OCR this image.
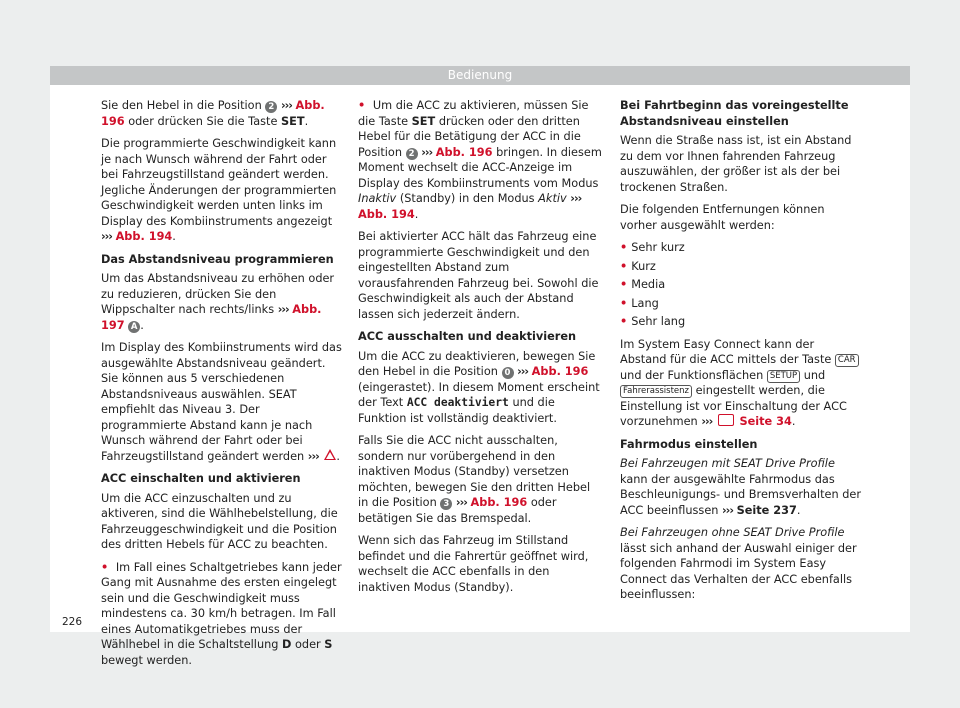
Bedienung

Sie den Hebel in die Position 2 ››› Abb. 196 oder drücken Sie die Taste SET.

Die programmierte Geschwindigkeit kann je nach Wunsch während der Fahrt oder bei Fahrzeugstillstand geändert werden. Jegliche Änderungen der programmierten Geschwindigkeit werden unten links im Display des Kombiinstruments angezeigt ››› Abb. 194.

Das Abstandsniveau programmieren

Um das Abstandsniveau zu erhöhen oder zu reduzieren, drücken Sie den Wippschalter nach rechts/links ››› Abb. 197 A .

Im Display des Kombiinstruments wird das ausgewählte Abstandsniveau geändert. Sie können aus 5 verschiedenen Abstandsniveaus auswählen. SEAT empfiehlt das Niveau 3. Der programmierte Abstand kann je nach Wunsch während der Fahrt oder bei Fahrzeugstillstand geändert werden ››› .

ACC einschalten und aktivieren

Um die ACC einzuschalten und zu aktiveren, sind die Wählhebelstellung, die Fahrzeuggeschwindigkeit und die Position des dritten Hebels für ACC zu beachten.

• Im Fall eines Schaltgetriebes kann jeder Gang mit Ausnahme des ersten eingelegt sein und die Geschwindigkeit muss mindestens ca. 30 km/h betragen. Im Fall eines Automatikgetriebes muss der Wählhebel in die Schaltstellung D oder S bewegt werden.

• Um die ACC zu aktivieren, müssen Sie die Taste SET drücken oder den dritten Hebel für die Betätigung der ACC in die Position 2 ››› Abb. 196 bringen. In diesem Moment wechselt die ACC-Anzeige im Display des Kombiinstruments vom Modus Inaktiv (Standby) in den Modus Aktiv ››› Abb. 194.

Bei aktivierter ACC hält das Fahrzeug eine programmierte Geschwindigkeit und den eingestellten Abstand zum vorausfahrenden Fahrzeug bei. Sowohl die Geschwindigkeit als auch der Abstand lassen sich jederzeit ändern.

ACC ausschalten und deaktivieren

Um die ACC zu deaktivieren, bewegen Sie den Hebel in die Position 0 ››› Abb. 196 (eingerastet). In diesem Moment erscheint der Text ACC deaktiviert und die Funktion ist vollständig deaktiviert.

Falls Sie die ACC nicht ausschalten, sondern nur vorübergehend in den inaktiven Modus (Standby) versetzen möchten, bewegen Sie den dritten Hebel in die Position 3 ››› Abb. 196 oder betätigen Sie das Bremspedal.

Wenn sich das Fahrzeug im Stillstand befindet und die Fahrertür geöffnet wird, wechselt die ACC ebenfalls in den inaktiven Modus (Standby).

Bei Fahrtbeginn das voreingestellte Abstandsniveau einstellen

Wenn die Straße nass ist, ist ein Abstand zu dem vor Ihnen fahrenden Fahrzeug auszuwählen, der größer ist als der bei trockenen Straßen.

Die folgenden Entfernungen können vorher ausgewählt werden:

• Sehr kurz
• Kurz
• Media
• Lang
• Sehr lang

Im System Easy Connect kann der Abstand für die ACC mittels der Taste CAR und der Funktionsflächen SETUP und Fahrerassistenz eingestellt werden, die Einstellung ist vor Einschaltung der ACC vorzunehmen ››› Seite 34.

Fahrmodus einstellen

Bei Fahrzeugen mit SEAT Drive Profile kann der ausgewählte Fahrmodus das Beschleunigungs- und Bremsverhalten der ACC beeinflussen ››› Seite 237.

Bei Fahrzeugen ohne SEAT Drive Profile lässt sich anhand der Auswahl einiger der folgenden Fahrmodi im System Easy Connect das Verhalten der ACC ebenfalls beeinflussen:

226
